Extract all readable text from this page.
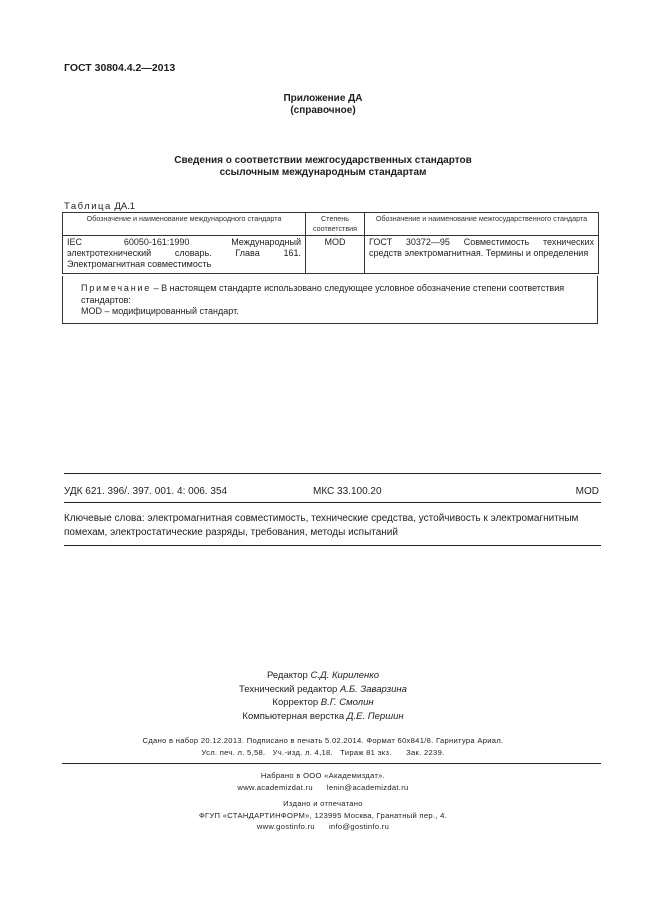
ГОСТ 30804.4.2—2013
Приложение ДА
(справочное)
Сведения о соответствии межгосударственных стандартов
ссылочным международным стандартам
Таблица ДА.1
Обозначение и наименование международного стандарта	Степень соответствия	Обозначение и наименование межгосударственного стандарта
IEC 60050-161:1990 Международный электротехнический словарь. Глава 161. Электромагнитная совместимость	MOD	ГОСТ 30372—95 Совместимость технических средств электромагнитная. Термины и определения
Примечание – В настоящем стандарте использовано следующее условное обозначение степени соответствия стандартов:
MOD – модифицированный стандарт.
УДК 621. 396/. 397. 001. 4: 006. 354	МКС 33.100.20	MOD
Ключевые слова: электромагнитная совместимость, технические средства, устойчивость к электромагнитным помехам, электростатические разряды, требования, методы испытаний
Редактор С.Д. Кириленко
Технический редактор А.Б. Заварзина
Корректор В.Г. Смолин
Компьютерная верстка Д.Е. Першин
Сдано в набор 20.12.2013. Подписано в печать 5.02.2014. Формат 60x841/8. Гарнитура Ариал.
Усл. печ. л. 5,58.   Уч.-изд. л. 4,18.   Тираж 81 экз.      Зак. 2239.
Набрано в ООО «Академиздат».
www.academizdat.ru lenin@academizdat.ru
Издано и отпечатано
ФГУП «СТАНДАРТИНФОРМ», 123995 Москва, Гранатный пер., 4.
www.gostinfo.ru info@gostinfo.ru
